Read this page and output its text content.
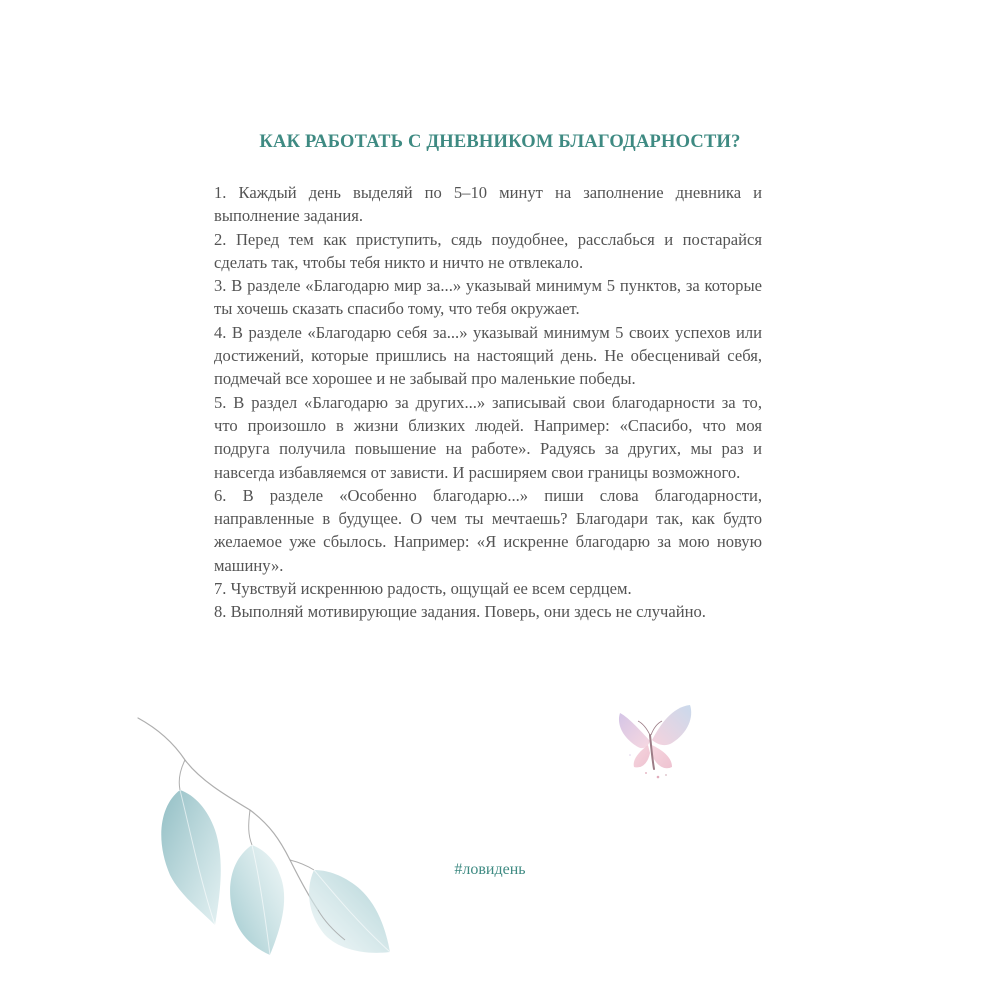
КАК РАБОТАТЬ С ДНЕВНИКОМ БЛАГОДАРНОСТИ?
1. Каждый день выделяй по 5–10 минут на заполнение дневника и выполнение задания.
2. Перед тем как приступить, сядь поудобнее, расслабься и постарайся сделать так, чтобы тебя никто и ничто не отвлекало.
3. В разделе «Благодарю мир за...» указывай минимум 5 пунктов, за которые ты хочешь сказать спасибо тому, что тебя окружает.
4. В разделе «Благодарю себя за...» указывай минимум 5 своих успехов или достижений, которые пришлись на настоящий день. Не обесценивай себя, подмечай все хорошее и не забывай про маленькие победы.
5. В раздел «Благодарю за других...» записывай свои благодарности за то, что произошло в жизни близких людей. Например: «Спасибо, что моя подруга получила повышение на работе». Радуясь за других, мы раз и навсегда избавляемся от зависти. И расширяем свои границы возможного.
6. В разделе «Особенно благодарю...» пиши слова благодарности, направленные в будущее. О чем ты мечтаешь? Благодари так, как будто желаемое уже сбылось. Например: «Я искренне благодарю за мою новую машину».
7. Чувствуй искреннюю радость, ощущай ее всем сердцем.
8. Выполняй мотивирующие задания. Поверь, они здесь не случайно.

#ловидень
